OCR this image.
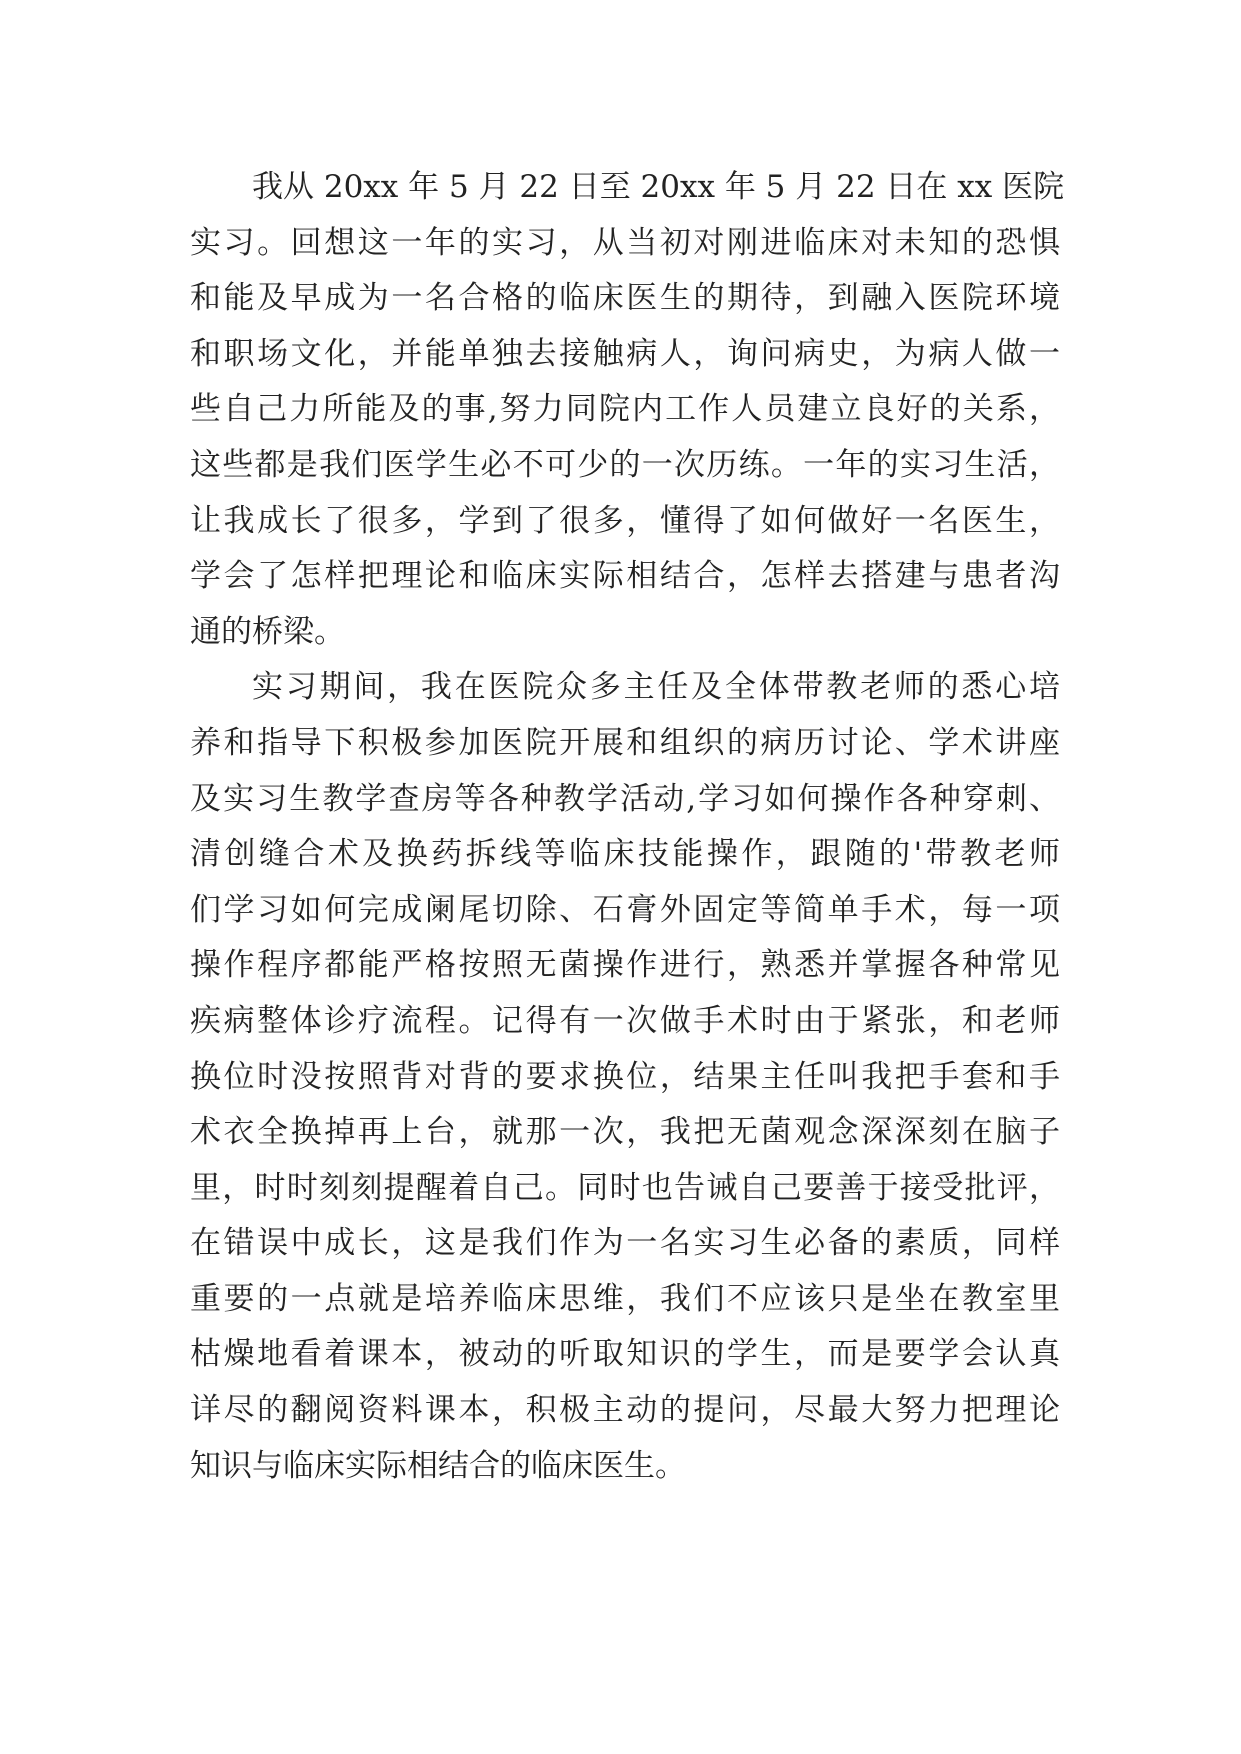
我从 20xx 年 5 月 22 日至 20xx 年 5 月 22 日在 xx 医院
实习。回想这一年的实习，从当初对刚进临床对未知的恐惧
和能及早成为一名合格的临床医生的期待，到融入医院环境
和职场文化，并能单独去接触病人，询问病史，为病人做一
些自己力所能及的事,努力同院内工作人员建立良好的关系，
这些都是我们医学生必不可少的一次历练。一年的实习生活，
让我成长了很多，学到了很多，懂得了如何做好一名医生，
学会了怎样把理论和临床实际相结合，怎样去搭建与患者沟
通的桥梁。
实习期间，我在医院众多主任及全体带教老师的悉心培
养和指导下积极参加医院开展和组织的病历讨论、学术讲座
及实习生教学查房等各种教学活动,学习如何操作各种穿刺、
清创缝合术及换药拆线等临床技能操作，跟随的'带教老师
们学习如何完成阑尾切除、石膏外固定等简单手术，每一项
操作程序都能严格按照无菌操作进行，熟悉并掌握各种常见
疾病整体诊疗流程。记得有一次做手术时由于紧张，和老师
换位时没按照背对背的要求换位，结果主任叫我把手套和手
术衣全换掉再上台，就那一次，我把无菌观念深深刻在脑子
里，时时刻刻提醒着自己。同时也告诫自己要善于接受批评，
在错误中成长，这是我们作为一名实习生必备的素质，同样
重要的一点就是培养临床思维，我们不应该只是坐在教室里
枯燥地看着课本，被动的听取知识的学生，而是要学会认真
详尽的翻阅资料课本，积极主动的提问，尽最大努力把理论
知识与临床实际相结合的临床医生。
